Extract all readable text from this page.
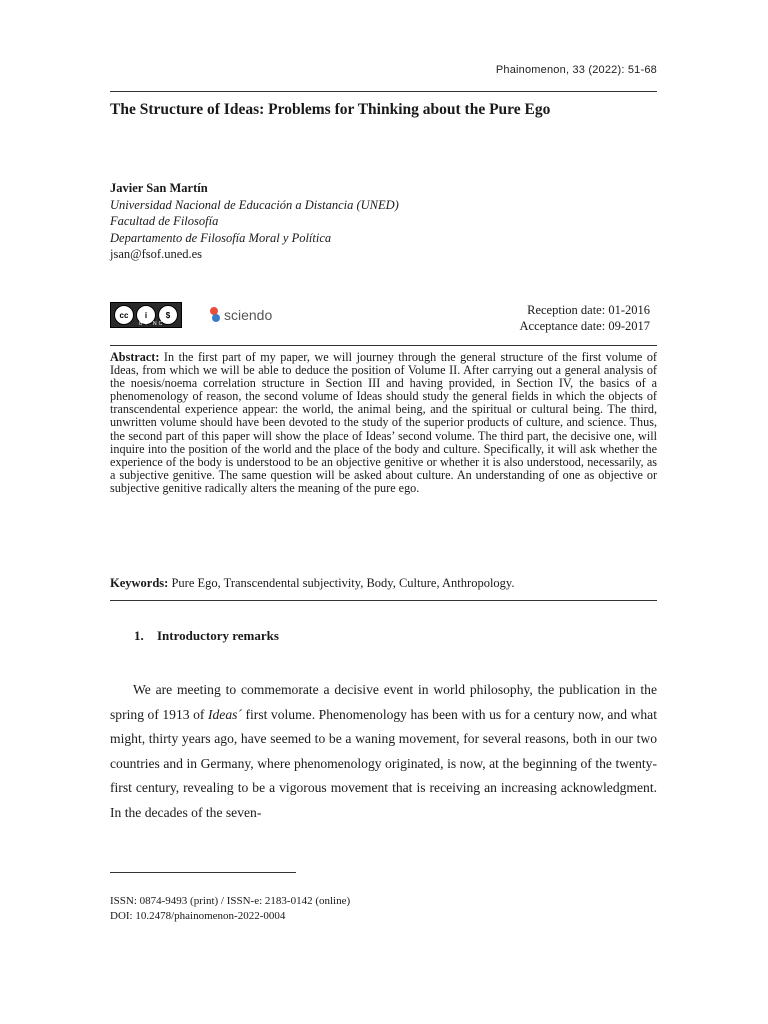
Phainomenon, 33 (2022): 51-68
The Structure of Ideas: Problems for Thinking about the Pure Ego
Javier San Martín
Universidad Nacional de Educación a Distancia (UNED)
Facultad de Filosofía
Departamento de Filosofía Moral y Política
jsan@fsof.uned.es
cc	i	$
BY NC
sciendo	Reception date: 01-2016
Acceptance date: 09-2017

Abstract: In the first part of my paper, we will journey through the general structure of the first volume of Ideas, from which we will be able to deduce the position of Volume II. After carrying out a general analysis of the noesis/noema correlation structure in Section III and having provided, in Section IV, the basics of a phenomenology of reason, the second volume of Ideas should study the general fields in which the objects of transcendental experience appear: the world, the animal being, and the spiritual or cultural being. The third, unwritten volume should have been devoted to the study of the superior products of culture, and science. Thus, the second part of this paper will show the place of Ideas’ second volume. The third part, the decisive one, will inquire into the position of the world and the place of the body and culture. Specifically, it will ask whether the experience of the body is understood to be an objective genitive or whether it is also understood, necessarily, as a subjective genitive. The same question will be asked about culture. An understanding of one as objective or subjective genitive radically alters the meaning of the pure ego.

Keywords: Pure Ego, Transcendental subjectivity, Body, Culture, Anthropology.
1. Introductory remarks

We are meeting to commemorate a decisive event in world philosophy, the publication in the spring of 1913 of Ideas´ first volume. Phenomenology has been with us for a century now, and what might, thirty years ago, have seemed to be a waning movement, for several reasons, both in our two countries and in Germany, where phenomenology originated, is now, at the beginning of the twenty-first century, revealing to be a vigorous movement that is receiving an increasing acknowledgment. In the decades of the seven-

ISSN: 0874-9493 (print) / ISSN-e: 2183-0142 (online)
DOI: 10.2478/phainomenon-2022-0004
